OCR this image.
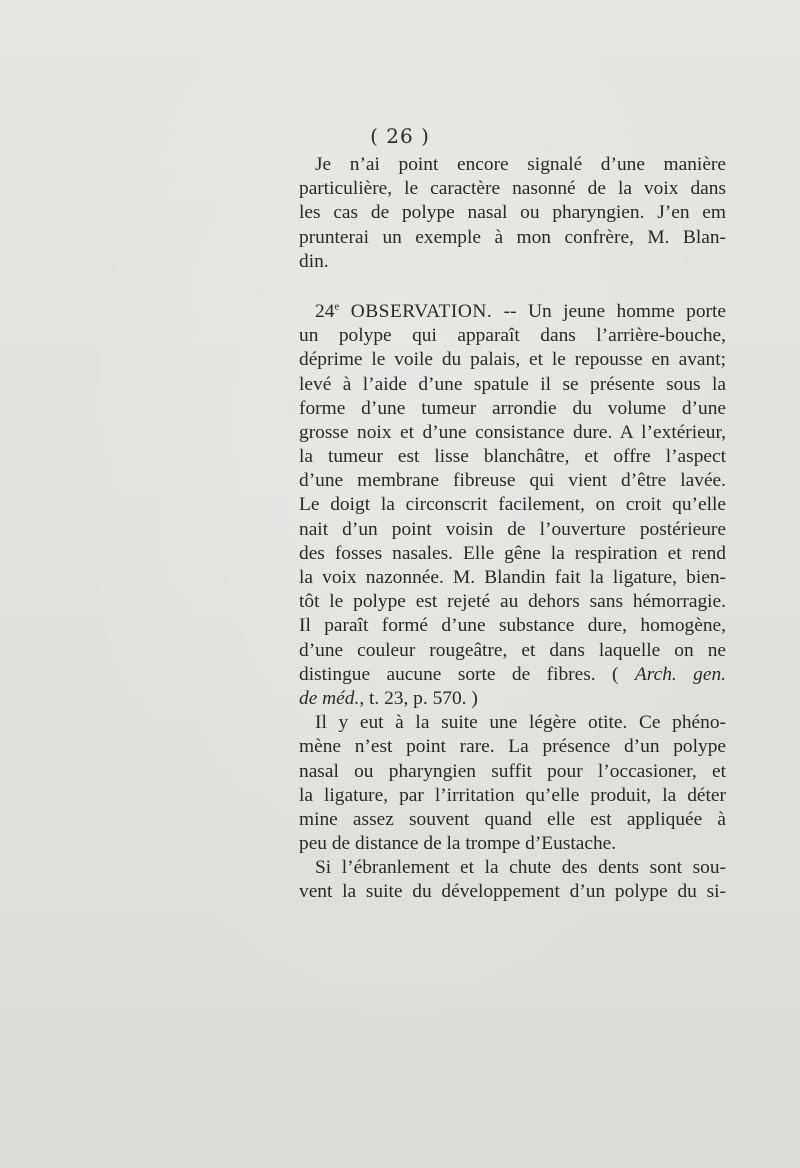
( 26 )
Je n’ai point encore signalé d’une manière
particulière, le caractère nasonné de la voix dans
les cas de polype nasal ou pharyngien. J’en em
prunterai un exemple à mon confrère, M. Blan-
din.
24e OBSERVATION. -- Un jeune homme porte
un polype qui apparaît dans l’arrière-bouche,
déprime le voile du palais, et le repousse en avant;
levé à l’aide d’une spatule il se présente sous la
forme d’une tumeur arrondie du volume d’une
grosse noix et d’une consistance dure. A l’extérieur,
la tumeur est lisse blanchâtre, et offre l’aspect
d’une membrane fibreuse qui vient d’être lavée.
Le doigt la circonscrit facilement, on croit qu’elle
nait d’un point voisin de l’ouverture postérieure
des fosses nasales. Elle gêne la respiration et rend
la voix nazonnée. M. Blandin fait la ligature, bien-
tôt le polype est rejeté au dehors sans hémorragie.
Il paraît formé d’une substance dure, homogène,
d’une couleur rougeâtre, et dans laquelle on ne
distingue aucune sorte de fibres. ( Arch. gen.
de méd., t. 23, p. 570. )
Il y eut à la suite une légère otite. Ce phéno-
mène n’est point rare. La présence d’un polype
nasal ou pharyngien suffit pour l’occasioner, et
la ligature, par l’irritation qu’elle produit, la déter
mine assez souvent quand elle est appliquée à
peu de distance de la trompe d’Eustache.
Si l’ébranlement et la chute des dents sont sou-
vent la suite du développement d’un polype du si-
